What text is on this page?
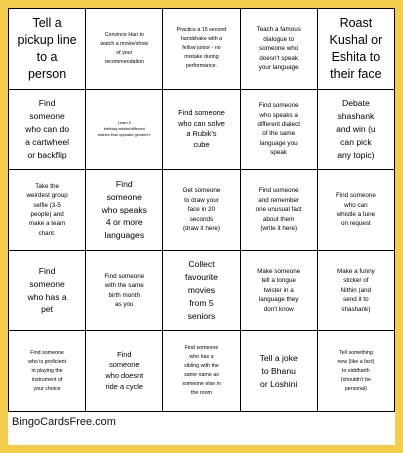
Tell a
pickup line
to a
person
Convince Hari to
watch a movie/show
of your
recommendation
Practice a 15 second
handshake with a
fellow junior - no
mistake during
performance.
Teach a famous
dialogue to
someone who
doesn't speak
your language
Roast
Kushal or
Eshita to
their face
Find
someone
who can do
a cartwheel
or backflip
Learn 5
birthday wishes/different
wishes from opposite gender/rl.
Find someone
who can solve
a Rubik's
cube
Find someone
who speaks a
different dialect
of the same
language you
speak
Debate
shashank
and win (u
can pick
any topic)
Take the
weirdest group
selfie (3-5
people) and
make a team
chant.
Find
someone
who speaks
4 or more
languages
Get someone
to draw your
face in 20
seconds
(draw it here)
Find someone
and remember
one unusual fact
about them
(write it here)
Find someone
who can
whistle a tune
on request
Find
someone
who has a
pet
Find someone
with the same
birth month
as you
Collect
favourite
movies
from 5
seniors
Make someone
tell a tongue
twister in a
language they
don't know
Make a funny
sticker of
Nithin (and
send it to
shashank)
Find someone
who is proficient
in playing the
instrument of
your choice
Find
someone
who doesnt
ride a cycle
Find someone
who has a
sibling with the
same name as
someone else in
the room
Tell a joke
to Bhanu
or Loshini
Tell something
new (like a fact)
to siddharth
(shouldn't be
personal)
BingoCardsFree.com
